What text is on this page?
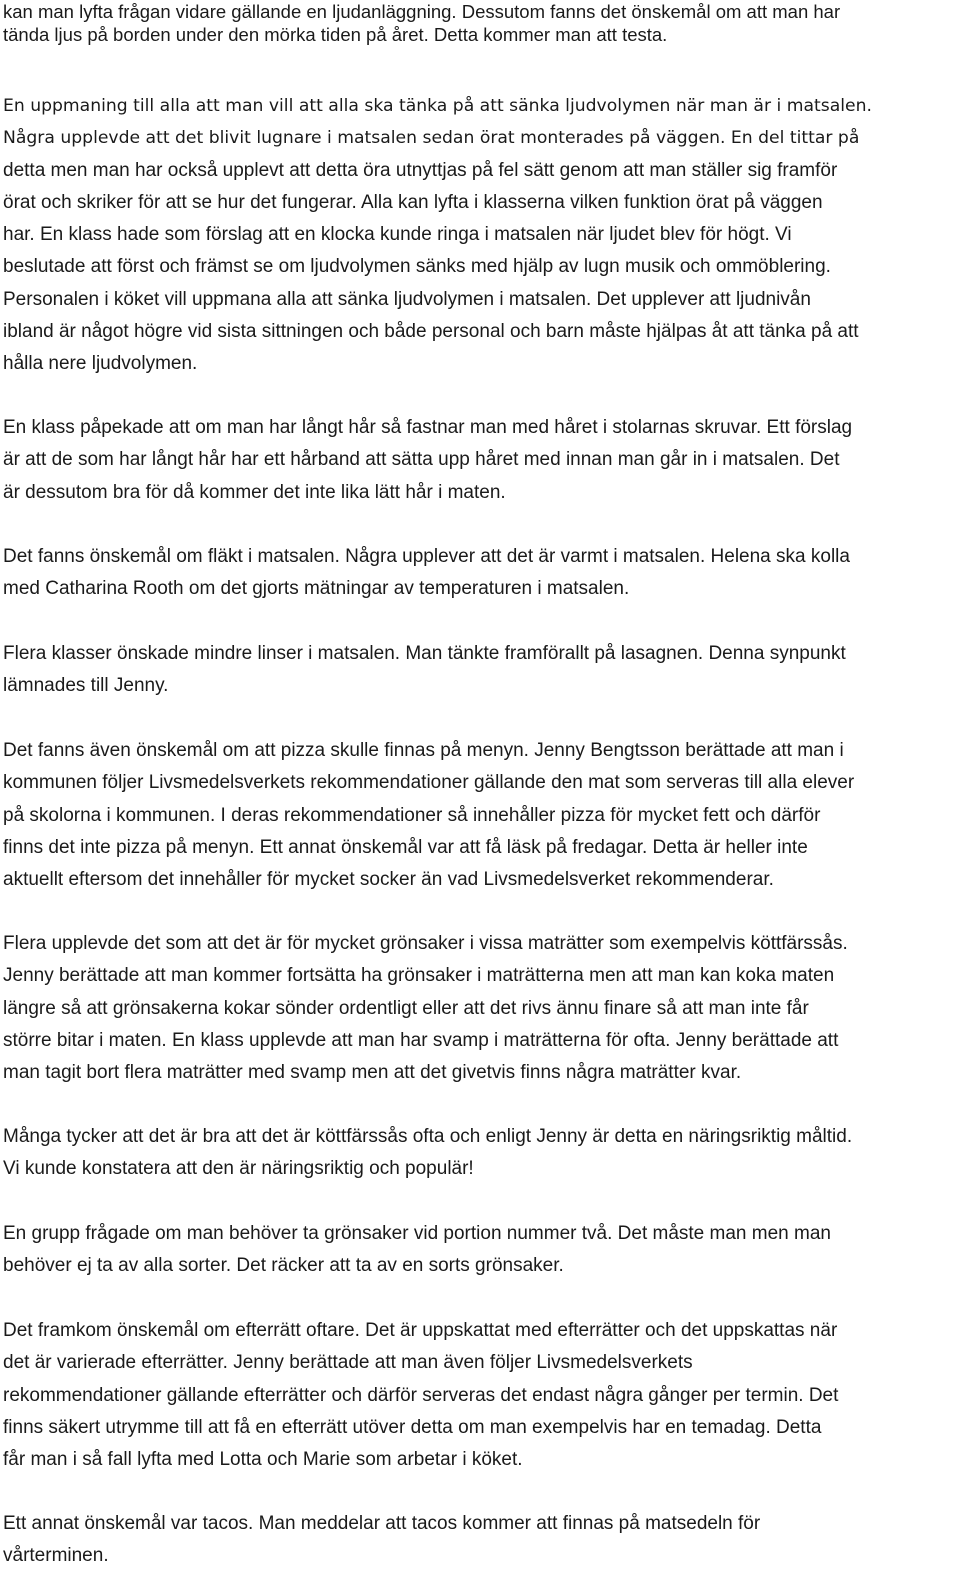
kan man lyfta frågan vidare gällande en ljudanläggning. Dessutom fanns det önskemål om att man har
tända ljus på borden under den mörka tiden på året. Detta kommer man att testa.
En uppmaning till alla att man vill att alla ska tänka på att sänka ljudvolymen när man är i matsalen.
Några upplevde att det blivit lugnare i matsalen sedan örat monterades på väggen. En del tittar på
detta men man har också upplevt att detta öra utnyttjas på fel sätt genom att man ställer sig framför
örat och skriker för att se hur det fungerar. Alla kan lyfta i klasserna vilken funktion örat på väggen
har. En klass hade som förslag att en klocka kunde ringa i matsalen när ljudet blev för högt. Vi
beslutade att först och främst se om ljudvolymen sänks med hjälp av lugn musik och ommöblering.
Personalen i köket vill uppmana alla att sänka ljudvolymen i matsalen. Det upplever att ljudnivån
ibland är något högre vid sista sittningen och både personal och barn måste hjälpas åt att tänka på att
hålla nere ljudvolymen.
En klass påpekade att om man har långt hår så fastnar man med håret i stolarnas skruvar. Ett förslag
är att de som har långt hår har ett hårband att sätta upp håret med innan man går in i matsalen. Det
är dessutom bra för då kommer det inte lika lätt hår i maten.
Det fanns önskemål om fläkt i matsalen. Några upplever att det är varmt i matsalen. Helena ska kolla
med Catharina Rooth om det gjorts mätningar av temperaturen i matsalen.
Flera klasser önskade mindre linser i matsalen. Man tänkte framförallt på lasagnen. Denna synpunkt
lämnades till Jenny.
Det fanns även önskemål om att pizza skulle finnas på menyn. Jenny Bengtsson berättade att man i
kommunen följer Livsmedelsverkets rekommendationer gällande den mat som serveras till alla elever
på skolorna i kommunen. I deras rekommendationer så innehåller pizza för mycket fett och därför
finns det inte pizza på menyn. Ett annat önskemål var att få läsk på fredagar. Detta är heller inte
aktuellt eftersom det innehåller för mycket socker än vad Livsmedelsverket rekommenderar.
Flera upplevde det som att det är för mycket grönsaker i vissa maträtter som exempelvis köttfärssås.
Jenny berättade att man kommer fortsätta ha grönsaker i maträtterna men att man kan koka maten
längre så att grönsakerna kokar sönder ordentligt eller att det rivs ännu finare så att man inte får
större bitar i maten. En klass upplevde att man har svamp i maträtterna för ofta. Jenny berättade att
man tagit bort flera maträtter med svamp men att det givetvis finns några maträtter kvar.
Många tycker att det är bra att det är köttfärssås ofta och enligt Jenny är detta en näringsriktig måltid.
Vi kunde konstatera att den är näringsriktig och populär!
En grupp frågade om man behöver ta grönsaker vid portion nummer två. Det måste man men man
behöver ej ta av alla sorter. Det räcker att ta av en sorts grönsaker.
Det framkom önskemål om efterrätt oftare. Det är uppskattat med efterrätter och det uppskattas när
det är varierade efterrätter. Jenny berättade att man även följer Livsmedelsverkets
rekommendationer gällande efterrätter och därför serveras det endast några gånger per termin. Det
finns säkert utrymme till att få en efterrätt utöver detta om man exempelvis har en temadag. Detta
får man i så fall lyfta med Lotta och Marie som arbetar i köket.
Ett annat önskemål var tacos. Man meddelar att tacos kommer att finnas på matsedeln för
vårterminen.
